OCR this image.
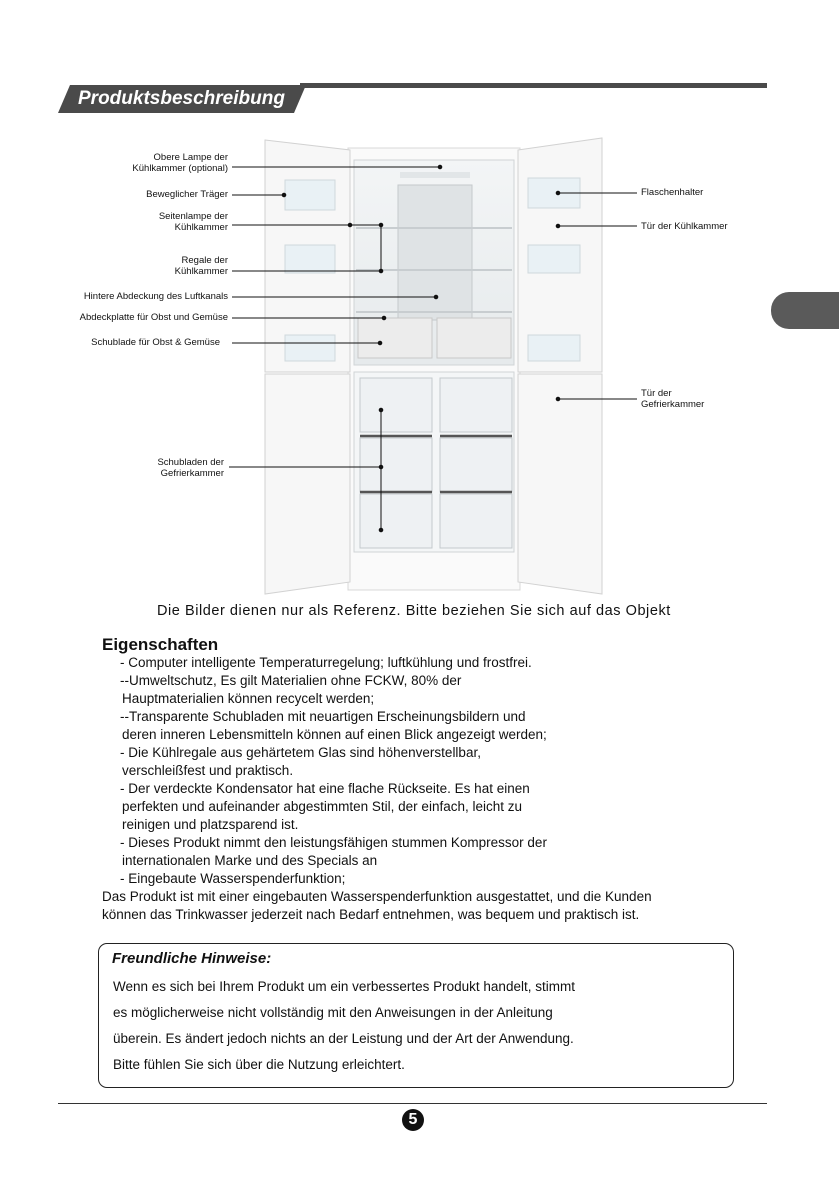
Produktsbeschreibung
Obere Lampe der
Kühlkammer (optional)
Beweglicher Träger
Seitenlampe der
Kühlkammer
Regale der
Kühlkammer
Hintere Abdeckung des Luftkanals
Abdeckplatte für Obst und Gemüse
Schublade für Obst & Gemüse
Schubladen der
Gefrierkammer
Flaschenhalter
Tür der Kühlkammer
Tür der
Gefrierkammer
Die Bilder dienen nur als Referenz. Bitte beziehen Sie sich auf das Objekt
Eigenschaften
- Computer intelligente Temperaturregelung; luftkühlung und frostfrei.
--Umweltschutz, Es gilt Materialien ohne FCKW, 80% der
Hauptmaterialien können recycelt werden;
--Transparente Schubladen mit neuartigen Erscheinungsbildern und
deren inneren Lebensmitteln können auf einen Blick angezeigt werden;
- Die Kühlregale aus gehärtetem Glas sind höhenverstellbar,
verschleißfest und praktisch.
- Der verdeckte Kondensator hat eine flache Rückseite. Es hat einen
perfekten und aufeinander abgestimmten Stil, der einfach, leicht zu
reinigen und platzsparend ist.
- Dieses Produkt nimmt den leistungsfähigen stummen Kompressor der
internationalen Marke und des Specials an
- Eingebaute Wasserspenderfunktion;
Das Produkt ist mit einer eingebauten Wasserspenderfunktion ausgestattet, und die Kunden
können das Trinkwasser jederzeit nach Bedarf entnehmen, was bequem und praktisch ist.
Freundliche Hinweise:
Wenn es sich bei Ihrem Produkt um ein verbessertes Produkt handelt, stimmt
es möglicherweise nicht vollständig mit den Anweisungen in der Anleitung
überein. Es ändert jedoch nichts an der Leistung und der Art der Anwendung.
Bitte fühlen Sie sich über die Nutzung erleichtert.
5
